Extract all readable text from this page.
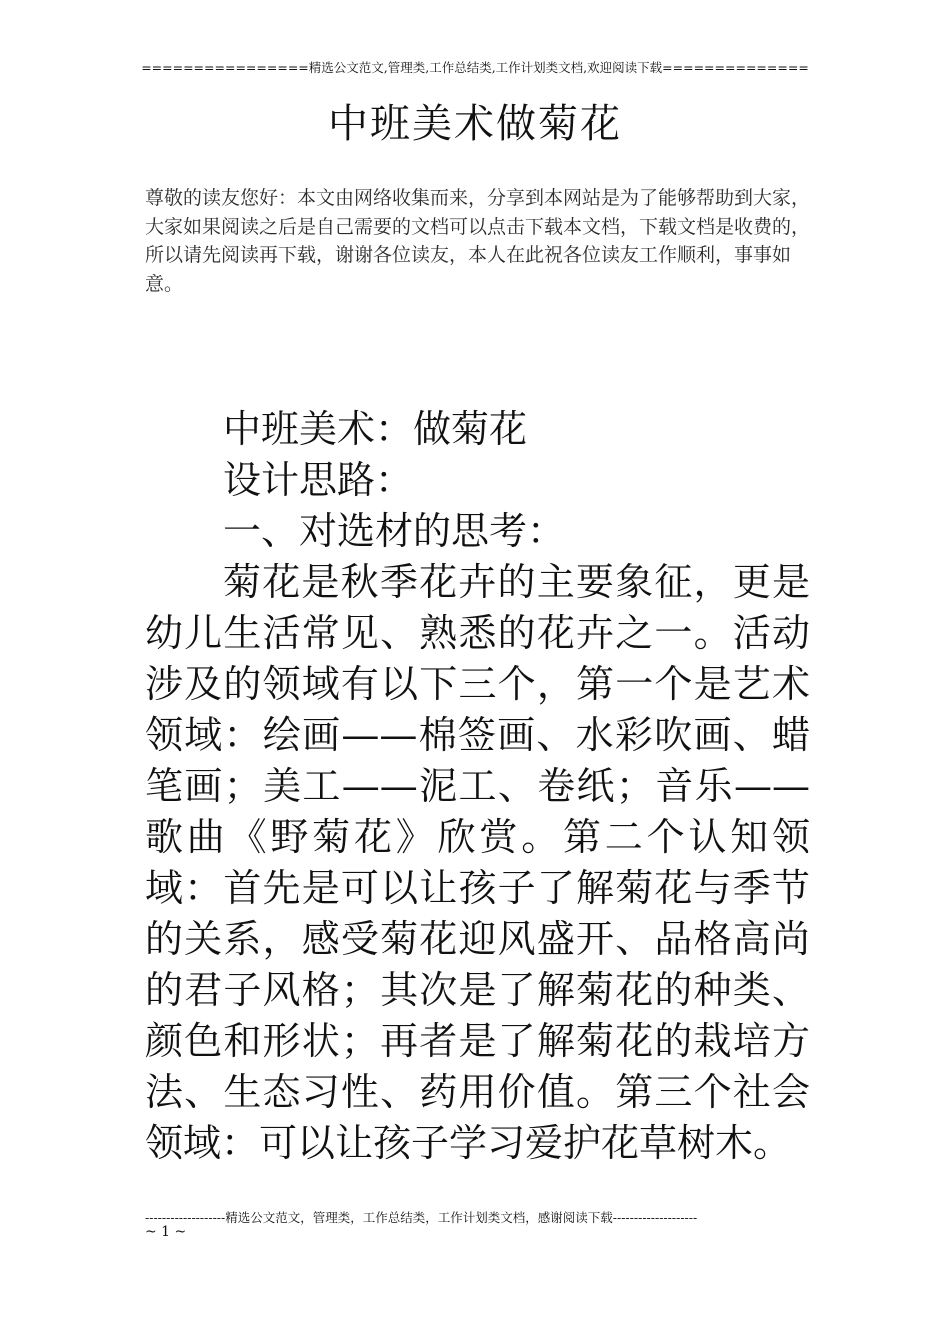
================精选公文范文,管理类,工作总结类,工作计划类文档,欢迎阅读下载==============
中班美术做菊花
尊敬的读友您好：本文由网络收集而来，分享到本网站是为了能够帮助到大家，大家如果阅读之后是自己需要的文档可以点击下载本文档，下载文档是收费的，所以请先阅读再下载，谢谢各位读友，本人在此祝各位读友工作顺利，事事如意。

中班美术：做菊花

设计思路：

一、对选材的思考：

菊花是秋季花卉的主要象征，更是幼儿生活常见、熟悉的花卉之一。活动涉及的领域有以下三个，第一个是艺术领域：绘画——棉签画、水彩吹画、蜡笔画；美工——泥工、卷纸；音乐——歌曲《野菊花》欣赏。第二个认知领域：首先是可以让孩子了解菊花与季节的关系，感受菊花迎风盛开、品格高尚的君子风格；其次是了解菊花的种类、颜色和形状；再者是了解菊花的栽培方法、生态习性、药用价值。第三个社会领域：可以让孩子学习爱护花草树木。

-------------------精选公文范文，管理类，工作总结类，工作计划类文档，感谢阅读下载--------------------
~ 1 ~
